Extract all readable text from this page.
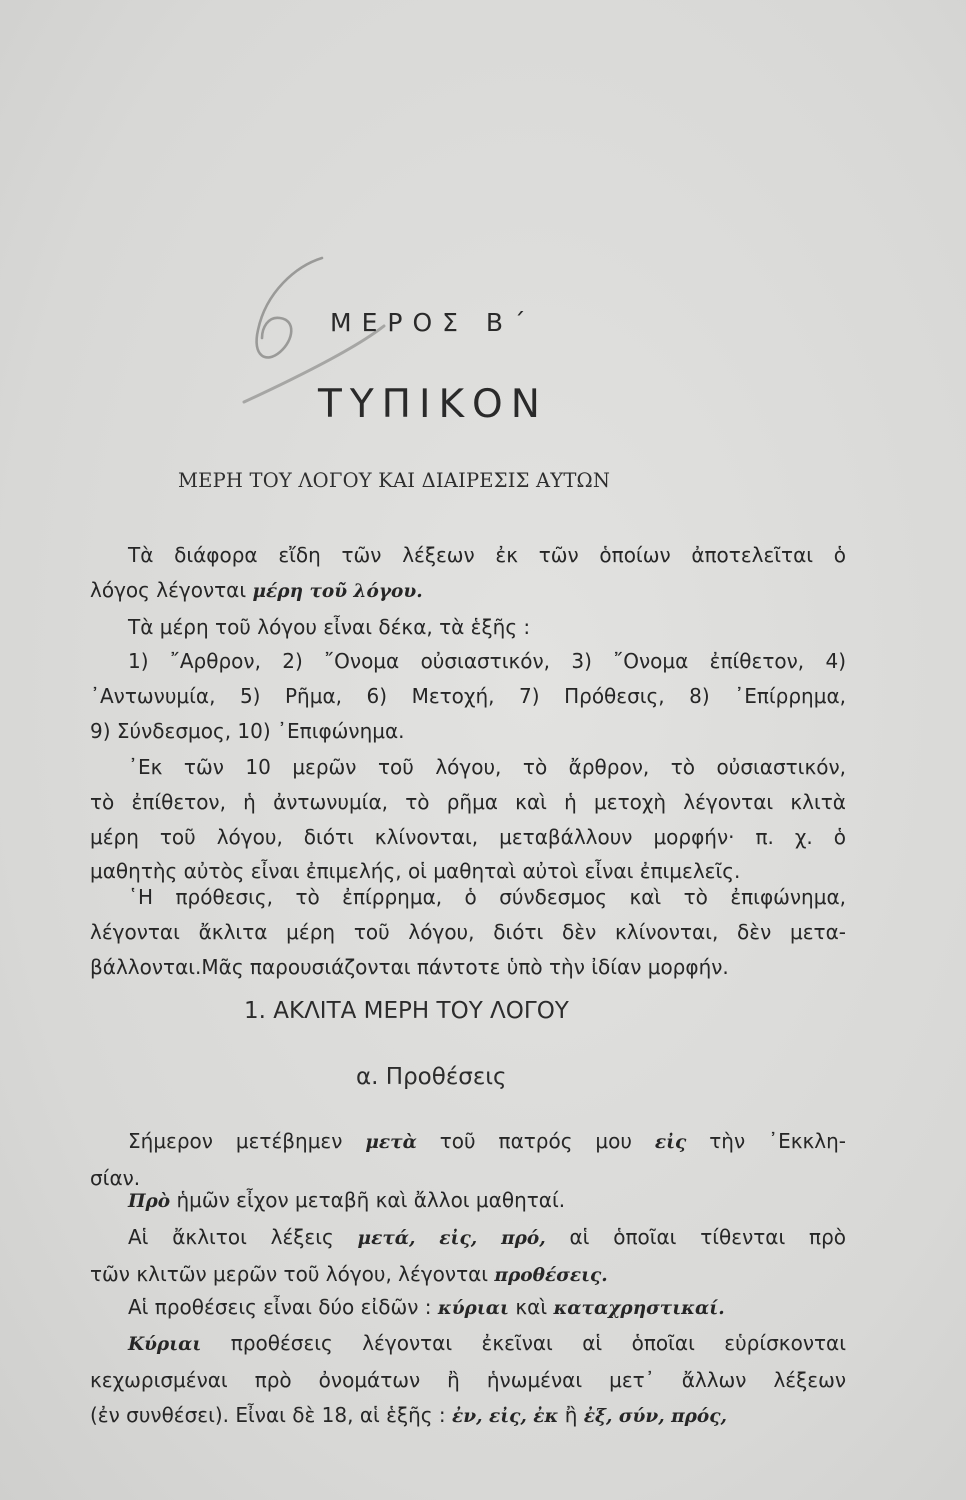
ΜΕΡΟΣ Β΄
ΤΥΠΙΚΟΝ
ΜΕΡΗ ΤΟΥ ΛΟΓΟΥ ΚΑΙ ΔΙΑΙΡΕΣΙΣ ΑΥΤΩΝ
Τὰ διάφορα εἴδη τῶν λέξεων ἐκ τῶν ὁποίων ἀποτελεῖται ὁ
λόγος λέγονται μέρη τοῦ λόγου.
Τὰ μέρη τοῦ λόγου εἶναι δέκα, τὰ ἑξῆς :
1) ῎Αρθρον, 2) ῎Ονομα οὐσιαστικόν, 3) ῎Ονομα ἐπίθετον, 4)
᾿Αντωνυμία, 5) Ρῆμα, 6) Μετοχή, 7) Πρόθεσις, 8) ᾿Επίρρημα,
9) Σύνδεσμος, 10) ᾿Επιφώνημα.
᾿Εκ τῶν 10 μερῶν τοῦ λόγου, τὸ ἄρθρον, τὸ οὐσιαστικόν,
τὸ ἐπίθετον, ἡ ἀντωνυμία, τὸ ρῆμα καὶ ἡ μετοχὴ λέγονται κλιτὰ
μέρη τοῦ λόγου, διότι κλίνονται, μεταβάλλουν μορφήν· π. χ. ὁ
μαθητὴς αὐτὸς εἶναι ἐπιμελής, οἱ μαθηταὶ αὐτοὶ εἶναι ἐπιμελεῖς.
῾Η πρόθεσις, τὸ ἐπίρρημα, ὁ σύνδεσμος καὶ τὸ ἐπιφώνημα,
λέγονται ἄκλιτα μέρη τοῦ λόγου, διότι δὲν κλίνονται, δὲν μετα-
βάλλονται.Μᾶς παρουσιάζονται πάντοτε ὑπὸ τὴν ἰδίαν μορφήν.
1. ΑΚΛΙΤΑ ΜΕΡΗ ΤΟΥ ΛΟΓΟΥ
α. Προθέσεις
Σήμερον μετέβημεν μετὰ τοῦ πατρός μου εἰς τὴν ᾿Εκκλη-
σίαν.
Πρὸ ἡμῶν εἶχον μεταβῆ καὶ ἄλλοι μαθηταί.
Αἱ ἄκλιτοι λέξεις μετά, εἰς, πρό, αἱ ὁποῖαι τίθενται πρὸ
τῶν κλιτῶν μερῶν τοῦ λόγου, λέγονται προθέσεις.
Αἱ προθέσεις εἶναι δύο εἰδῶν : κύριαι καὶ καταχρηστικαί.
Κύριαι προθέσεις λέγονται ἐκεῖναι αἱ ὁποῖαι εὑρίσκονται
κεχωρισμέναι πρὸ ὀνομάτων ἢ ἡνωμέναι μετ᾿ ἄλλων λέξεων
(ἐν συνθέσει). Εἶναι δὲ 18, αἱ ἑξῆς : ἐν, εἰς, ἐκ ἢ ἐξ, σύν, πρός,
